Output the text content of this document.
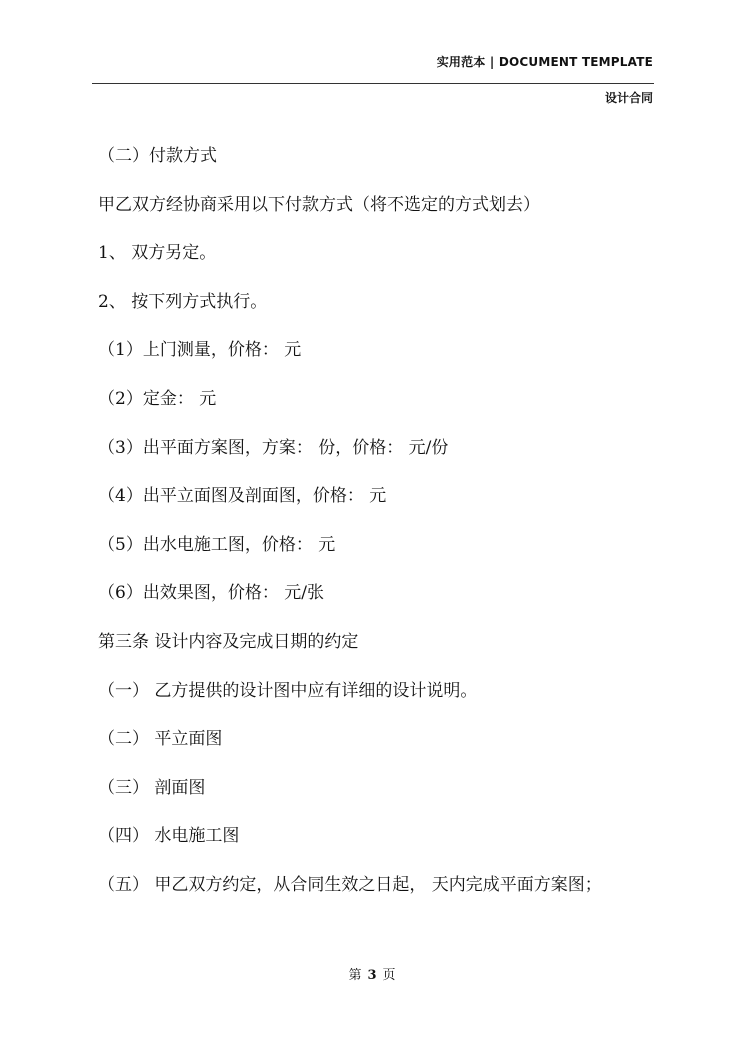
实用范本 | DOCUMENT TEMPLATE
设计合同
（二）付款方式
甲乙双方经协商采用以下付款方式（将不选定的方式划去）
1、 双方另定。
2、 按下列方式执行。
（1）上门测量，价格： 元
（2）定金： 元
（3）出平面方案图，方案： 份，价格： 元/份
（4）出平立面图及剖面图，价格： 元
（5）出水电施工图，价格： 元
（6）出效果图，价格： 元/张
第三条 设计内容及完成日期的约定
（一） 乙方提供的设计图中应有详细的设计说明。
（二） 平立面图
（三） 剖面图
（四） 水电施工图
（五） 甲乙双方约定，从合同生效之日起， 天内完成平面方案图；
第 3 页
